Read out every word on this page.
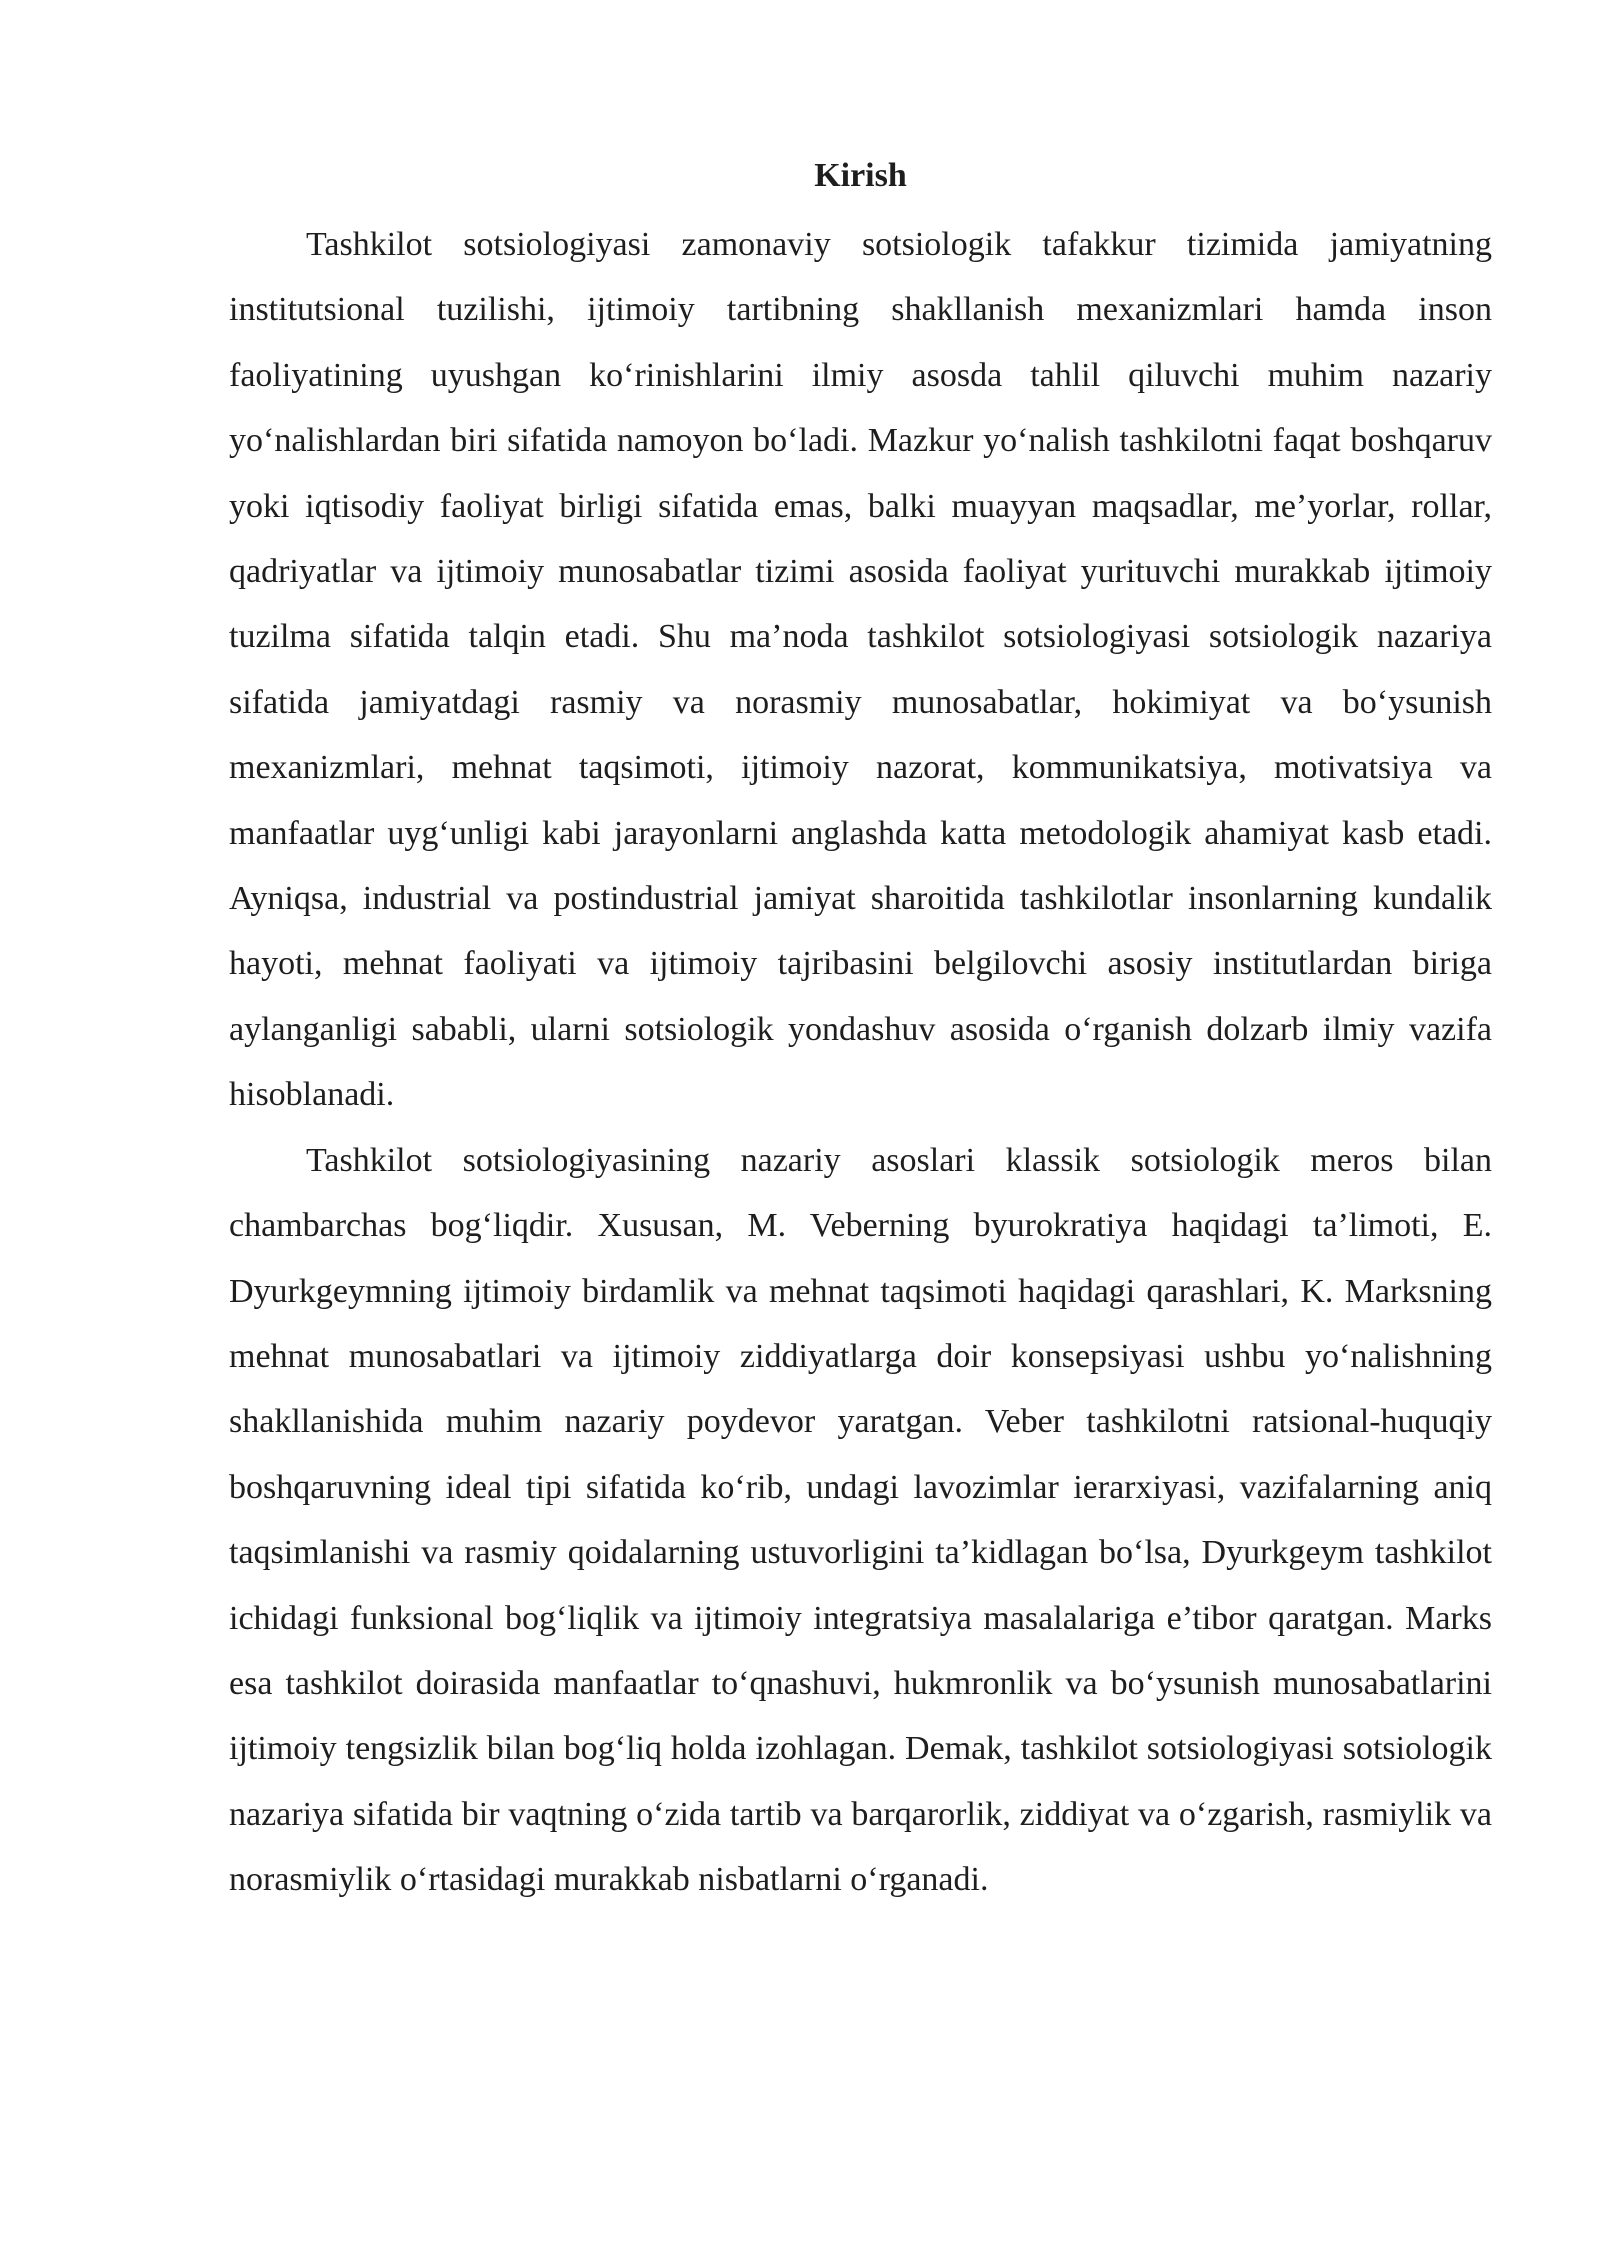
Kirish

Tashkilot sotsiologiyasi zamonaviy sotsiologik tafakkur tizimida jamiyatning institutsional tuzilishi, ijtimoiy tartibning shakllanish mexanizmlari hamda inson faoliyatining uyushgan ko‘rinishlarini ilmiy asosda tahlil qiluvchi muhim nazariy yo‘nalishlardan biri sifatida namoyon bo‘ladi. Mazkur yo‘nalish tashkilotni faqat boshqaruv yoki iqtisodiy faoliyat birligi sifatida emas, balki muayyan maqsadlar, me’yorlar, rollar, qadriyatlar va ijtimoiy munosabatlar tizimi asosida faoliyat yurituvchi murakkab ijtimoiy tuzilma sifatida talqin etadi. Shu ma’noda tashkilot sotsiologiyasi sotsiologik nazariya sifatida jamiyatdagi rasmiy va norasmiy munosabatlar, hokimiyat va bo‘ysunish mexanizmlari, mehnat taqsimoti, ijtimoiy nazorat, kommunikatsiya, motivatsiya va manfaatlar uyg‘unligi kabi jarayonlarni anglashda katta metodologik ahamiyat kasb etadi. Ayniqsa, industrial va postindustrial jamiyat sharoitida tashkilotlar insonlarning kundalik hayoti, mehnat faoliyati va ijtimoiy tajribasini belgilovchi asosiy institutlardan biriga aylanganligi sababli, ularni sotsiologik yondashuv asosida o‘rganish dolzarb ilmiy vazifa hisoblanadi.

Tashkilot sotsiologiyasining nazariy asoslari klassik sotsiologik meros bilan chambarchas bog‘liqdir. Xususan, M. Veberning byurokratiya haqidagi ta’limoti, E. Dyurkgeymning ijtimoiy birdamlik va mehnat taqsimoti haqidagi qarashlari, K. Marksning mehnat munosabatlari va ijtimoiy ziddiyatlarga doir konsepsiyasi ushbu yo‘nalishning shakllanishida muhim nazariy poydevor yaratgan. Veber tashkilotni ratsional-huquqiy boshqaruvning ideal tipi sifatida ko‘rib, undagi lavozimlar ierarxiyasi, vazifalarning aniq taqsimlanishi va rasmiy qoidalarning ustuvorligini ta’kidlagan bo‘lsa, Dyurkgeym tashkilot ichidagi funksional bog‘liqlik va ijtimoiy integratsiya masalalariga e’tibor qaratgan. Marks esa tashkilot doirasida manfaatlar to‘qnashuvi, hukmronlik va bo‘ysunish munosabatlarini ijtimoiy tengsizlik bilan bog‘liq holda izohlagan. Demak, tashkilot sotsiologiyasi sotsiologik nazariya sifatida bir vaqtning o‘zida tartib va barqarorlik, ziddiyat va o‘zgarish, rasmiylik va norasmiylik o‘rtasidagi murakkab nisbatlarni o‘rganadi.
